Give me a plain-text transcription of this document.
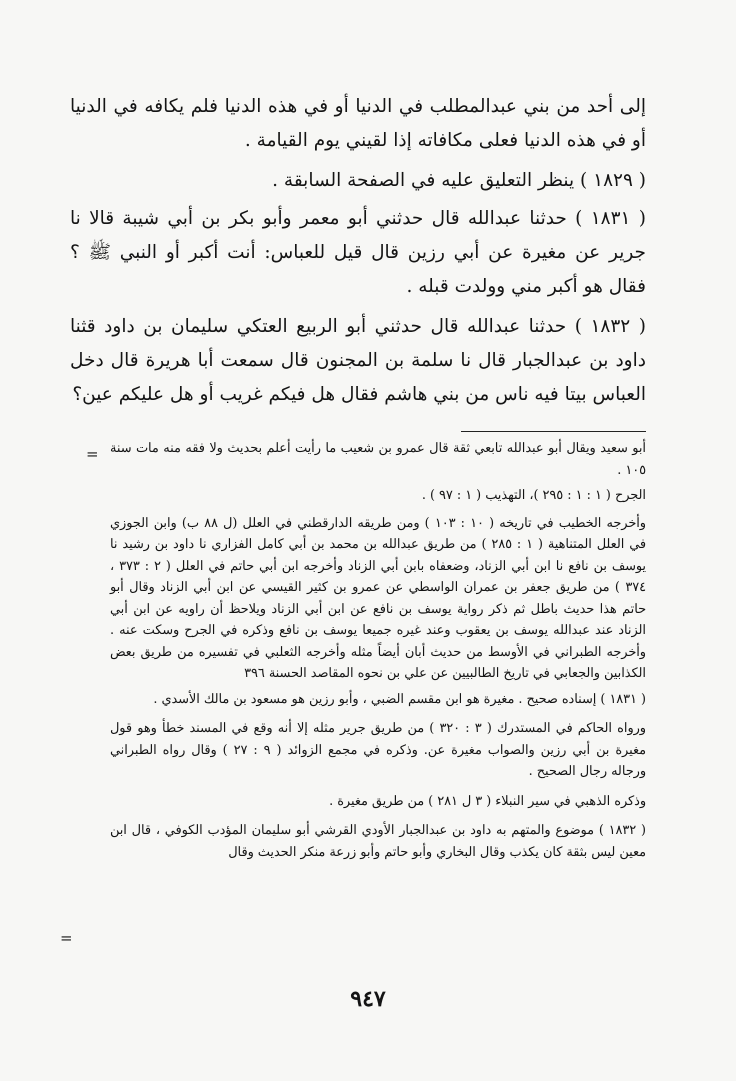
إلى أحد من بني عبدالمطلب في الدنيا أو في هذه الدنيا فلم يكافه في الدنيا أو في هذه الدنيا فعلى مكافاته إذا لقيني يوم القيامة .

( ١٨٢٩ ) ينظر التعليق عليه في الصفحة السابقة .

( ١٨٣١ ) حدثنا عبدالله قال حدثني أبو معمر وأبو بكر بن أبي شيبة قالا نا جرير عن مغيرة عن أبي رزين قال قيل للعباس: أنت أكبر أو النبي ﷺ ؟ فقال هو أكبر مني وولدت قبله .

( ١٨٣٢ ) حدثنا عبدالله قال حدثني أبو الربيع العتكي سليمان بن داود قثنا داود بن عبدالجبار قال نا سلمة بن المجنون قال سمعت أبا هريرة قال دخل العباس بيتا فيه ناس من بني هاشم فقال هل فيكم غريب أو هل عليكم عين؟

= أبو سعيد ويقال أبو عبدالله تابعي ثقة قال عمرو بن شعيب ما رأيت أعلم بحديث ولا فقه منه مات سنة ١٠٥ .

الجرح ( ١ : ١ : ٢٩٥ )، التهذيب ( ١ : ٩٧ ) .

وأخرجه الخطيب في تاريخه ( ١٠ : ١٠٣ ) ومن طريقه الدارقطني في العلل (ل ٨٨ ب) وابن الجوزي في العلل المتناهية ( ١ : ٢٨٥ ) من طريق عبدالله بن محمد بن أبي كامل الفزاري نا داود بن رشيد نا يوسف بن نافع نا ابن أبي الزناد، وضعفاه بابن أبي الزناد وأخرجه ابن أبي حاتم في العلل ( ٢ : ٣٧٣ ، ٣٧٤ ) من طريق جعفر بن عمران الواسطي عن عمرو بن كثير القيسي عن ابن أبي الزناد وقال أبو حاتم هذا حديث باطل ثم ذكر رواية يوسف بن نافع عن ابن أبي الزناد ويلاحظ أن راويه عن ابن أبي الزناد عند عبدالله يوسف بن يعقوب وعند غيره جميعا يوسف بن نافع وذكره في الجرح وسكت عنه . وأخرجه الطبراني في الأوسط من حديث أبان أيضاً مثله وأخرجه الثعلبي في تفسيره من طريق بعض الكذابين والجعابي في تاريخ الطالبيين عن علي بن نحوه المقاصد الحسنة ٣٩٦

( ١٨٣١ ) إسناده صحيح . مغيرة هو ابن مقسم الضبي ، وأبو رزين هو مسعود بن مالك الأسدي .

ورواه الحاكم في المستدرك ( ٣ : ٣٢٠ ) من طريق جرير مثله إلا أنه وقع في المسند خطأ وهو قول مغيرة بن أبي رزين والصواب مغيرة عن. وذكره في مجمع الزوائد ( ٩ : ٢٧ ) وقال رواه الطبراني ورجاله رجال الصحيح .

وذكره الذهبي في سير النبلاء ( ٣ ل ٢٨١ ) من طريق مغيرة .

( ١٨٣٢ ) موضوع والمتهم به داود بن عبدالجبار الأودي القرشي أبو سليمان المؤدب الكوفي ، قال ابن معين ليس بثقة كان يكذب وقال البخاري وأبو حاتم وأبو زرعة منكر الحديث وقال

=
٩٤٧
